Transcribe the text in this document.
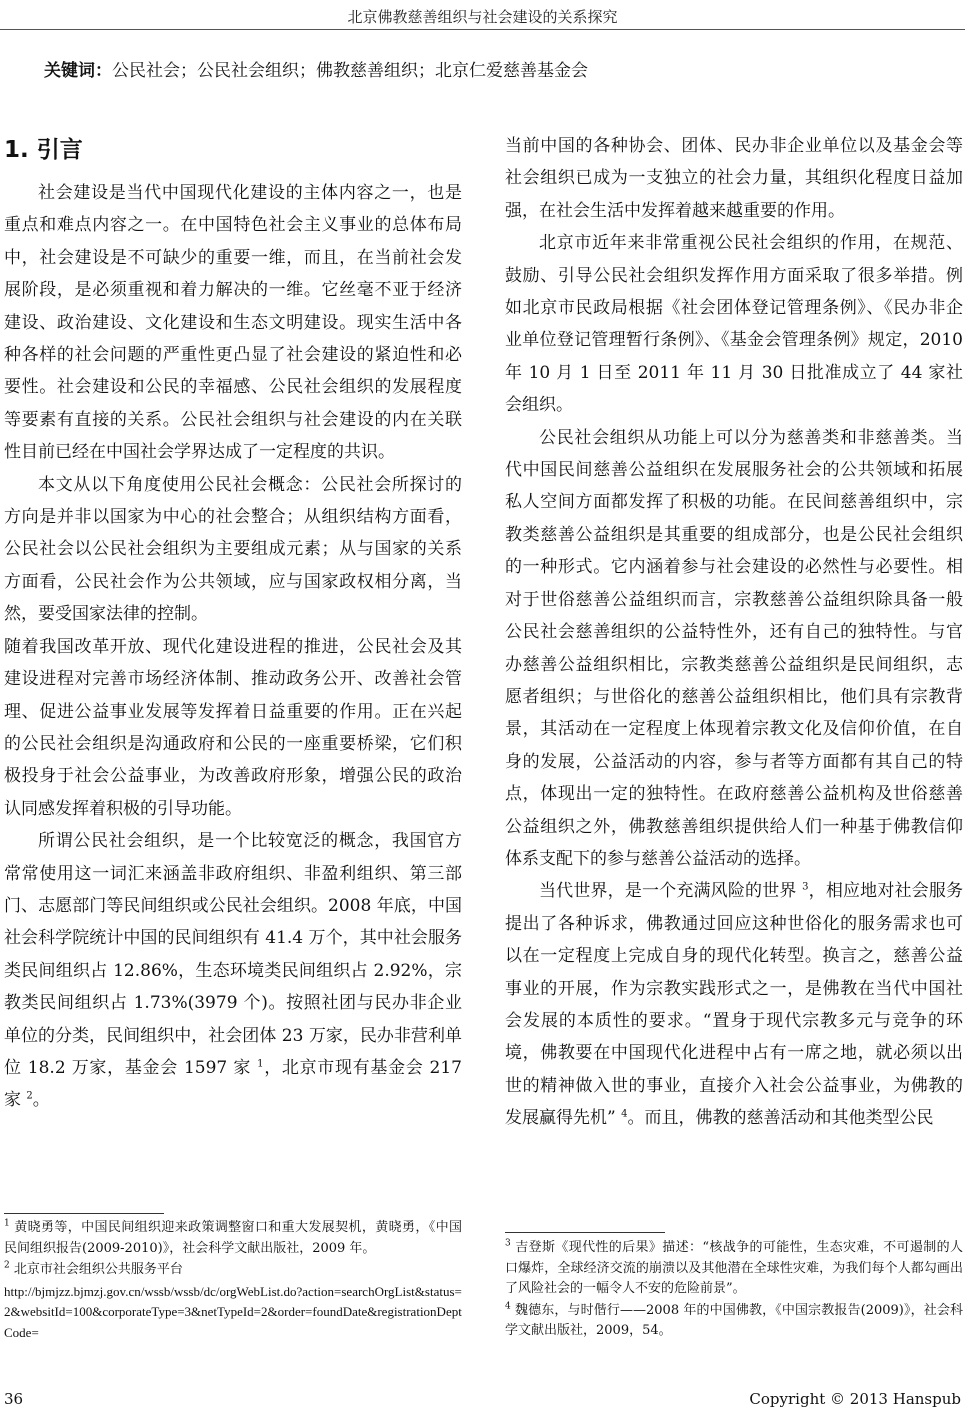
北京佛教慈善组织与社会建设的关系探究
关键词：公民社会；公民社会组织；佛教慈善组织；北京仁爱慈善基金会
1. 引言

社会建设是当代中国现代化建设的主体内容之一，也是重点和难点内容之一。在中国特色社会主义事业的总体布局中，社会建设是不可缺少的重要一维，而且，在当前社会发展阶段，是必须重视和着力解决的一维。它丝毫不亚于经济建设、政治建设、文化建设和生态文明建设。现实生活中各种各样的社会问题的严重性更凸显了社会建设的紧迫性和必要性。社会建设和公民的幸福感、公民社会组织的发展程度等要素有直接的关系。公民社会组织与社会建设的内在关联性目前已经在中国社会学界达成了一定程度的共识。

本文从以下角度使用公民社会概念：公民社会所探讨的方向是并非以国家为中心的社会整合；从组织结构方面看，公民社会以公民社会组织为主要组成元素；从与国家的关系方面看，公民社会作为公共领域，应与国家政权相分离，当然，要受国家法律的控制。

随着我国改革开放、现代化建设进程的推进，公民社会及其建设进程对完善市场经济体制、推动政务公开、改善社会管理、促进公益事业发展等发挥着日益重要的作用。正在兴起的公民社会组织是沟通政府和公民的一座重要桥梁，它们积极投身于社会公益事业，为改善政府形象，增强公民的政治认同感发挥着积极的引导功能。

所谓公民社会组织，是一个比较宽泛的概念，我国官方常常使用这一词汇来涵盖非政府组织、非盈利组织、第三部门、志愿部门等民间组织或公民社会组织。2008 年底，中国社会科学院统计中国的民间组织有 41.4 万个，其中社会服务类民间组织占 12.86%，生态环境类民间组织占 2.92%，宗教类民间组织占 1.73%(3979 个)。按照社团与民办非企业单位的分类，民间组织中，社会团体 23 万家，民办非营利单位 18.2 万家，基金会 1597 家 $^1$，北京市现有基金会 217 家 $^2$。

当前中国的各种协会、团体、民办非企业单位以及基金会等社会组织已成为一支独立的社会力量，其组织化程度日益加强，在社会生活中发挥着越来越重要的作用。

北京市近年来非常重视公民社会组织的作用，在规范、鼓励、引导公民社会组织发挥作用方面采取了很多举措。例如北京市民政局根据《社会团体登记管理条例》、《民办非企业单位登记管理暂行条例》、《基金会管理条例》规定，2010 年 10 月 1 日至 2011 年 11 月 30 日批准成立了 44 家社会组织。

公民社会组织从功能上可以分为慈善类和非慈善类。当代中国民间慈善公益组织在发展服务社会的公共领域和拓展私人空间方面都发挥了积极的功能。在民间慈善组织中，宗教类慈善公益组织是其重要的组成部分，也是公民社会组织的一种形式。它内涵着参与社会建设的必然性与必要性。相对于世俗慈善公益组织而言，宗教慈善公益组织除具备一般公民社会慈善组织的公益特性外，还有自己的独特性。与官办慈善公益组织相比，宗教类慈善公益组织是民间组织，志愿者组织；与世俗化的慈善公益组织相比，他们具有宗教背景，其活动在一定程度上体现着宗教文化及信仰价值，在自身的发展，公益活动的内容，参与者等方面都有其自己的特点，体现出一定的独特性。在政府慈善公益机构及世俗慈善公益组织之外，佛教慈善组织提供给人们一种基于佛教信仰体系支配下的参与慈善公益活动的选择。

当代世界，是一个充满风险的世界 $^3$，相应地对社会服务提出了各种诉求，佛教通过回应这种世俗化的服务需求也可以在一定程度上完成自身的现代化转型。换言之，慈善公益事业的开展，作为宗教实践形式之一，是佛教在当代中国社会发展的本质性的要求。“置身于现代宗教多元与竞争的环境，佛教要在中国现代化进程中占有一席之地，就必须以出世的精神做入世的事业，直接介入社会公益事业，为佛教的发展赢得先机” $^4$。而且，佛教的慈善活动和其他类型公民

$^1$ 黄晓勇等，中国民间组织迎来政策调整窗口和重大发展契机，黄晓勇，《中国民间组织报告(2009-2010)》，社会科学文献出版社，2009 年。

$^2$ 北京市社会组织公共服务平台

http://bjmjzz.bjmzj.gov.cn/wssb/wssb/dc/orgWebList.do?action=searchOrgList&status=2&websitId=100&corporateType=3&netTypeId=2&order=foundDate&registrationDeptCode=

$^3$ 吉登斯《现代性的后果》描述：“核战争的可能性，生态灾难，不可遏制的人口爆炸，全球经济交流的崩溃以及其他潜在全球性灾难，为我们每个人都勾画出了风险社会的一幅令人不安的危险前景”。

$^4$ 魏德东，与时偕行——2008 年的中国佛教，《中国宗教报告(2009)》，社会科学文献出版社，2009，54。

36	Copyright © 2013 Hanspub
